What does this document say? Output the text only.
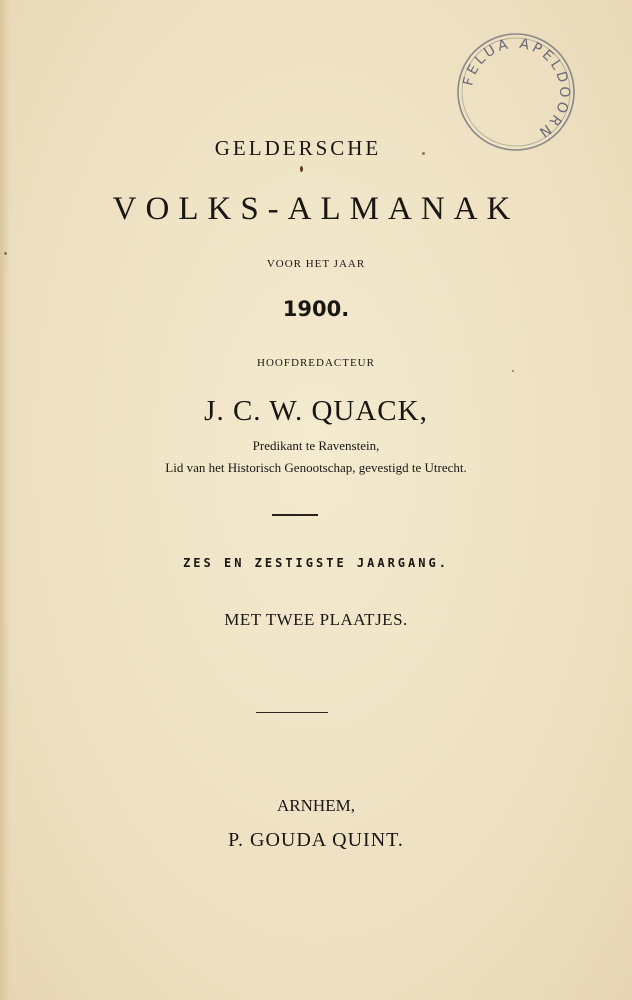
FELUA APELDOORN
GELDERSCHE
VOLKS-ALMANAK
VOOR HET JAAR
1900.
HOOFDREDACTEUR
J. C. W. QUACK,
Predikant te Ravenstein,
Lid van het Historisch Genootschap, gevestigd te Utrecht.
ZES EN ZESTIGSTE JAARGANG.
MET TWEE PLAATJES.
ARNHEM,
P. GOUDA QUINT.
